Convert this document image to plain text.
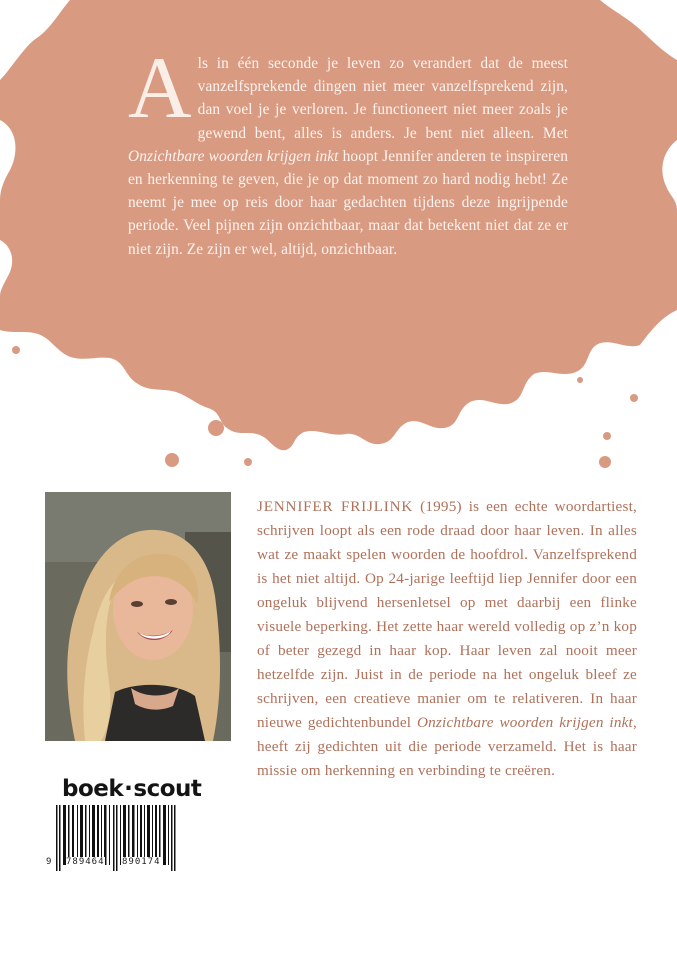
Als in één seconde je leven zo verandert dat de meest vanzelfsprekende dingen niet meer vanzelfsprekend zijn, dan voel je je verloren. Je functioneert niet meer zoals je gewend bent, alles is anders. Je bent niet alleen. Met Onzichtbare woorden krijgen inkt hoopt Jennifer anderen te inspireren en herkenning te geven, die je op dat moment zo hard nodig hebt! Ze neemt je mee op reis door haar gedachten tijdens deze ingrijpende periode. Veel pijnen zijn onzichtbaar, maar dat betekent niet dat ze er niet zijn. Ze zijn er wel, altijd, onzichtbaar.
boek·scout
9 789464 890174
JENNIFER FRIJLINK (1995) is een echte woordartiest, schrijven loopt als een rode draad door haar leven. In alles wat ze maakt spelen woorden de hoofdrol. Vanzelfsprekend is het niet altijd. Op 24-jarige leeftijd liep Jennifer door een ongeluk blijvend hersenletsel op met daarbij een flinke visuele beperking. Het zette haar wereld volledig op z’n kop of beter gezegd in haar kop. Haar leven zal nooit meer hetzelfde zijn. Juist in de periode na het ongeluk bleef ze schrijven, een creatieve manier om te relativeren. In haar nieuwe gedichtenbundel Onzichtbare woorden krijgen inkt, heeft zij gedichten uit die periode verzameld. Het is haar missie om herkenning en verbinding te creëren.
